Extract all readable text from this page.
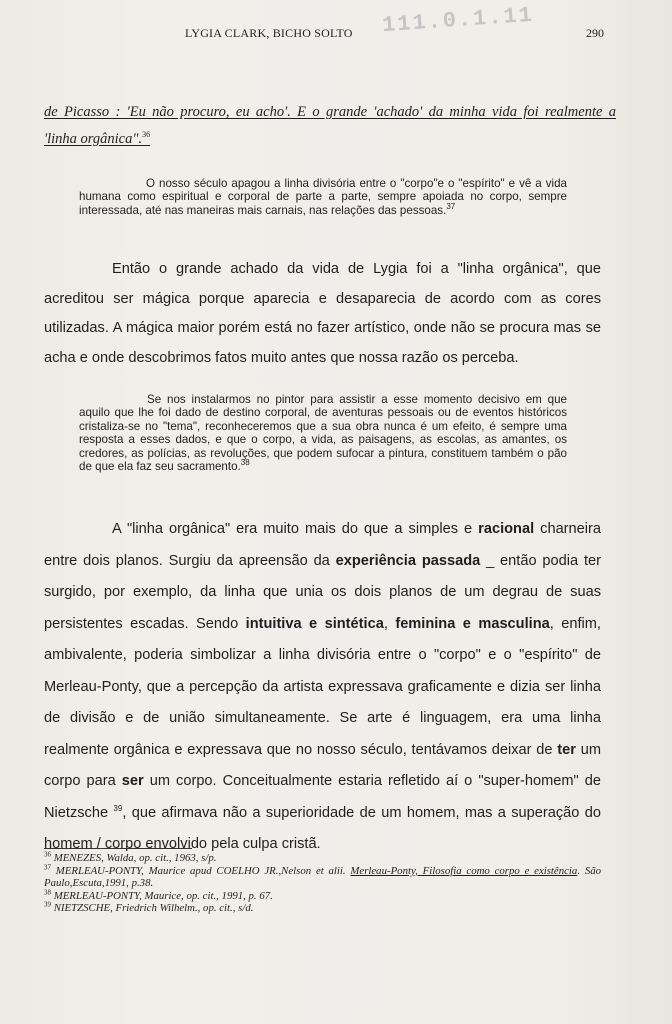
LYGIA CLARK, BICHO SOLTO	290
111.0.1.11
de Picasso : 'Eu não procuro, eu acho'. E o grande 'achado' da minha vida foi realmente a
'linha orgânica".$^{36}$
O nosso século apagou a linha divisória entre o "corpo"e o "espírito" e vê a vida humana como espiritual e corporal de parte a parte, sempre apoiada no corpo, sempre interessada, até nas maneiras mais carnais, nas relações das pessoas.$^{37}$
Então o grande achado da vida de Lygia foi a "linha orgânica", que acreditou ser mágica porque aparecia e desaparecia de acordo com as cores utilizadas. A mágica maior porém está no fazer artístico, onde não se procura mas se acha e onde descobrimos fatos muito antes que nossa razão os perceba.
Se nos instalarmos no pintor para assistir a esse momento decisivo em que aquilo que lhe foi dado de destino corporal, de aventuras pessoais ou de eventos históricos cristaliza-se no "tema", reconheceremos que a sua obra nunca é um efeito, é sempre uma resposta a esses dados, e que o corpo, a vida, as paisagens, as escolas, as amantes, os credores, as polícias, as revoluções, que podem sufocar a pintura, constituem também o pão de que ela faz seu sacramento.$^{38}$
A "linha orgânica" era muito mais do que a simples e racional charneira entre dois planos. Surgiu da apreensão da experiência passada _ então podia ter surgido, por exemplo, da linha que unia os dois planos de um degrau de suas persistentes escadas. Sendo intuitiva e sintética, feminina e masculina, enfim, ambivalente, poderia simbolizar a linha divisória entre o "corpo" e o "espírito" de Merleau-Ponty, que a percepção da artista expressava graficamente e dizia ser linha de divisão e de união simultaneamente. Se arte é linguagem, era uma linha realmente orgânica e expressava que no nosso século, tentávamos deixar de ter um corpo para ser um corpo. Conceitualmente estaria refletido aí o "super-homem" de Nietzsche $^{39}$, que afirmava não a superioridade de um homem, mas a superação do homem / corpo envolvido pela culpa cristã.

$^{36}$ MENEZES, Walda, op. cit., 1963, s/p.

$^{37}$ MERLEAU-PONTY, Maurice apud COELHO JR.,Nelson et alii. Merleau-Ponty, Filosofia como corpo e existência. São Paulo,Escuta,1991, p.38.

$^{38}$ MERLEAU-PONTY, Maurice, op. cit., 1991, p. 67.

$^{39}$ NIETZSCHE, Friedrich Wilhelm., op. cit., s/d.
